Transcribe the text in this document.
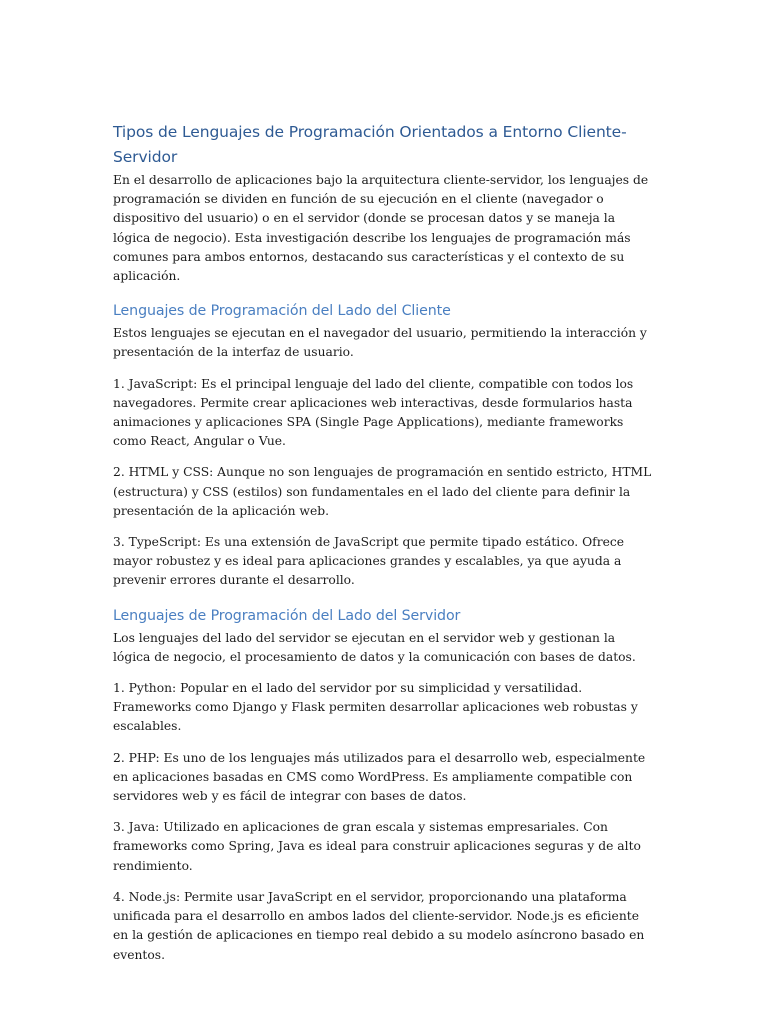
Tipos de Lenguajes de Programación Orientados a Entorno Cliente-Servidor

En el desarrollo de aplicaciones bajo la arquitectura cliente-servidor, los lenguajes de programación se dividen en función de su ejecución en el cliente (navegador o dispositivo del usuario) o en el servidor (donde se procesan datos y se maneja la lógica de negocio). Esta investigación describe los lenguajes de programación más comunes para ambos entornos, destacando sus características y el contexto de su aplicación.

Lenguajes de Programación del Lado del Cliente

Estos lenguajes se ejecutan en el navegador del usuario, permitiendo la interacción y presentación de la interfaz de usuario.

1. JavaScript: Es el principal lenguaje del lado del cliente, compatible con todos los navegadores. Permite crear aplicaciones web interactivas, desde formularios hasta animaciones y aplicaciones SPA (Single Page Applications), mediante frameworks como React, Angular o Vue.

2. HTML y CSS: Aunque no son lenguajes de programación en sentido estricto, HTML (estructura) y CSS (estilos) son fundamentales en el lado del cliente para definir la presentación de la aplicación web.

3. TypeScript: Es una extensión de JavaScript que permite tipado estático. Ofrece mayor robustez y es ideal para aplicaciones grandes y escalables, ya que ayuda a prevenir errores durante el desarrollo.

Lenguajes de Programación del Lado del Servidor

Los lenguajes del lado del servidor se ejecutan en el servidor web y gestionan la lógica de negocio, el procesamiento de datos y la comunicación con bases de datos.

1. Python: Popular en el lado del servidor por su simplicidad y versatilidad. Frameworks como Django y Flask permiten desarrollar aplicaciones web robustas y escalables.

2. PHP: Es uno de los lenguajes más utilizados para el desarrollo web, especialmente en aplicaciones basadas en CMS como WordPress. Es ampliamente compatible con servidores web y es fácil de integrar con bases de datos.

3. Java: Utilizado en aplicaciones de gran escala y sistemas empresariales. Con frameworks como Spring, Java es ideal para construir aplicaciones seguras y de alto rendimiento.

4. Node.js: Permite usar JavaScript en el servidor, proporcionando una plataforma unificada para el desarrollo en ambos lados del cliente-servidor. Node.js es eficiente en la gestión de aplicaciones en tiempo real debido a su modelo asíncrono basado en eventos.
